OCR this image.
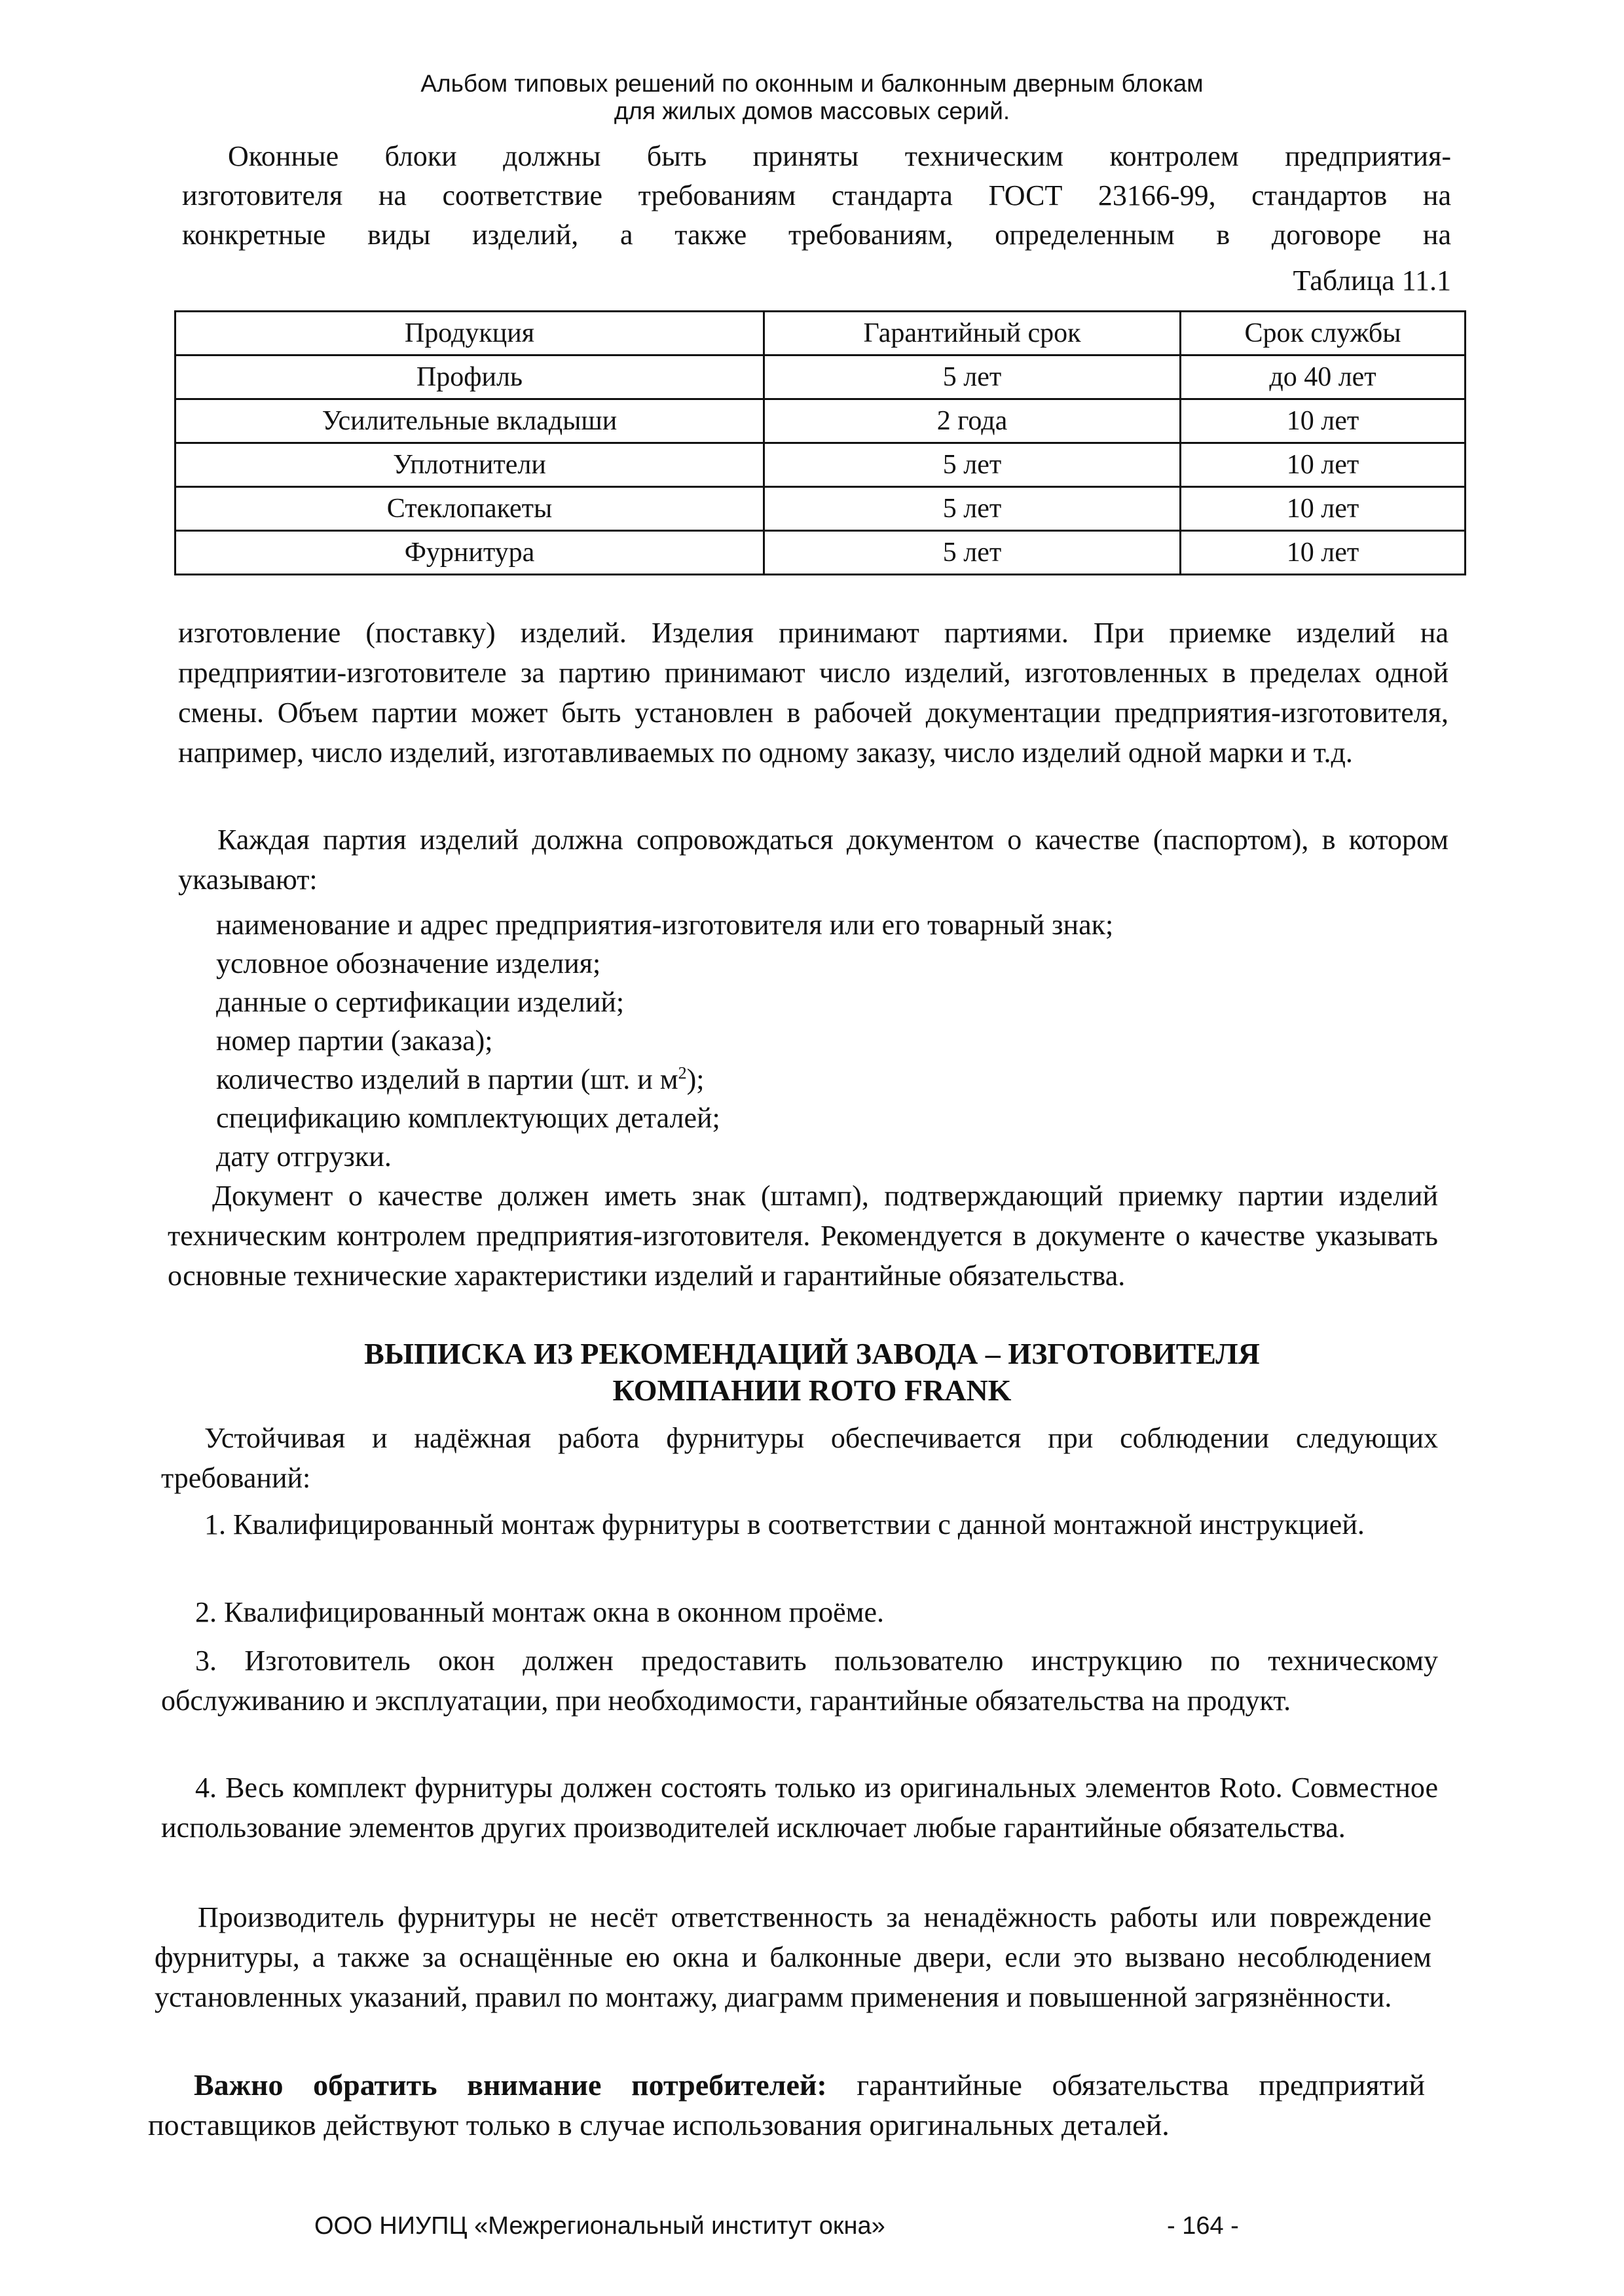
Альбом типовых решений по оконным и балконным дверным блокам
для жилых домов массовых серий.
Оконные блоки должны быть приняты техническим контролем предприятия-
изготовителя на соответствие требованиям стандарта ГОСТ 23166-99, стандартов на
конкретные виды изделий, а также требованиям, определенным в договоре на
Таблица 11.1
Продукция	Гарантийный срок	Срок службы
Профиль	5 лет	до 40 лет
Усилительные вкладыши	2 года	10 лет
Уплотнители	5 лет	10 лет
Стеклопакеты	5 лет	10 лет
Фурнитура	5 лет	10 лет
изготовление (поставку) изделий. Изделия принимают партиями. При приемке изделий на предприятии-изготовителе за партию принимают число изделий, изготовленных в пределах одной смены. Объем партии может быть установлен в рабочей документации предприятия-изготовителя, например, число изделий, изготавливаемых по одному заказу, число изделий одной марки и т.д.
Каждая партия изделий должна сопровождаться документом о качестве (паспортом), в котором указывают:
наименование и адрес предприятия-изготовителя или его товарный знак;
условное обозначение изделия;
данные о сертификации изделий;
номер партии (заказа);
количество изделий в партии (шт. и $м^2$);
спецификацию комплектующих деталей;
дату отгрузки.
Документ о качестве должен иметь знак (штамп), подтверждающий приемку партии изделий техническим контролем предприятия-изготовителя. Рекомендуется в документе о качестве указывать основные технические характеристики изделий и гарантийные обязательства.
ВЫПИСКА ИЗ РЕКОМЕНДАЦИЙ ЗАВОДА – ИЗГОТОВИТЕЛЯ
КОМПАНИИ ROTO FRANK
Устойчивая и надёжная работа фурнитуры обеспечивается при соблюдении следующих требований:
1. Квалифицированный монтаж фурнитуры в соответствии с данной монтажной инструкцией.
2. Квалифицированный монтаж окна в оконном проёме.
3. Изготовитель окон должен предоставить пользователю инструкцию по техническому обслуживанию и эксплуатации, при необходимости, гарантийные обязательства на продукт.
4. Весь комплект фурнитуры должен состоять только из оригинальных элементов Roto. Совместное использование элементов других производителей исключает любые гарантийные обязательства.
Производитель фурнитуры не несёт ответственность за ненадёжность работы или повреждение фурнитуры, а также за оснащённые ею окна и балконные двери, если это вызвано несоблюдением установленных указаний, правил по монтажу, диаграмм применения и повышенной загрязнённости.
Важно обратить внимание потребителей: гарантийные обязательства предприятий поставщиков действуют только в случае использования оригинальных деталей.
ООО НИУПЦ «Межрегиональный институт окна»	- 164 -
